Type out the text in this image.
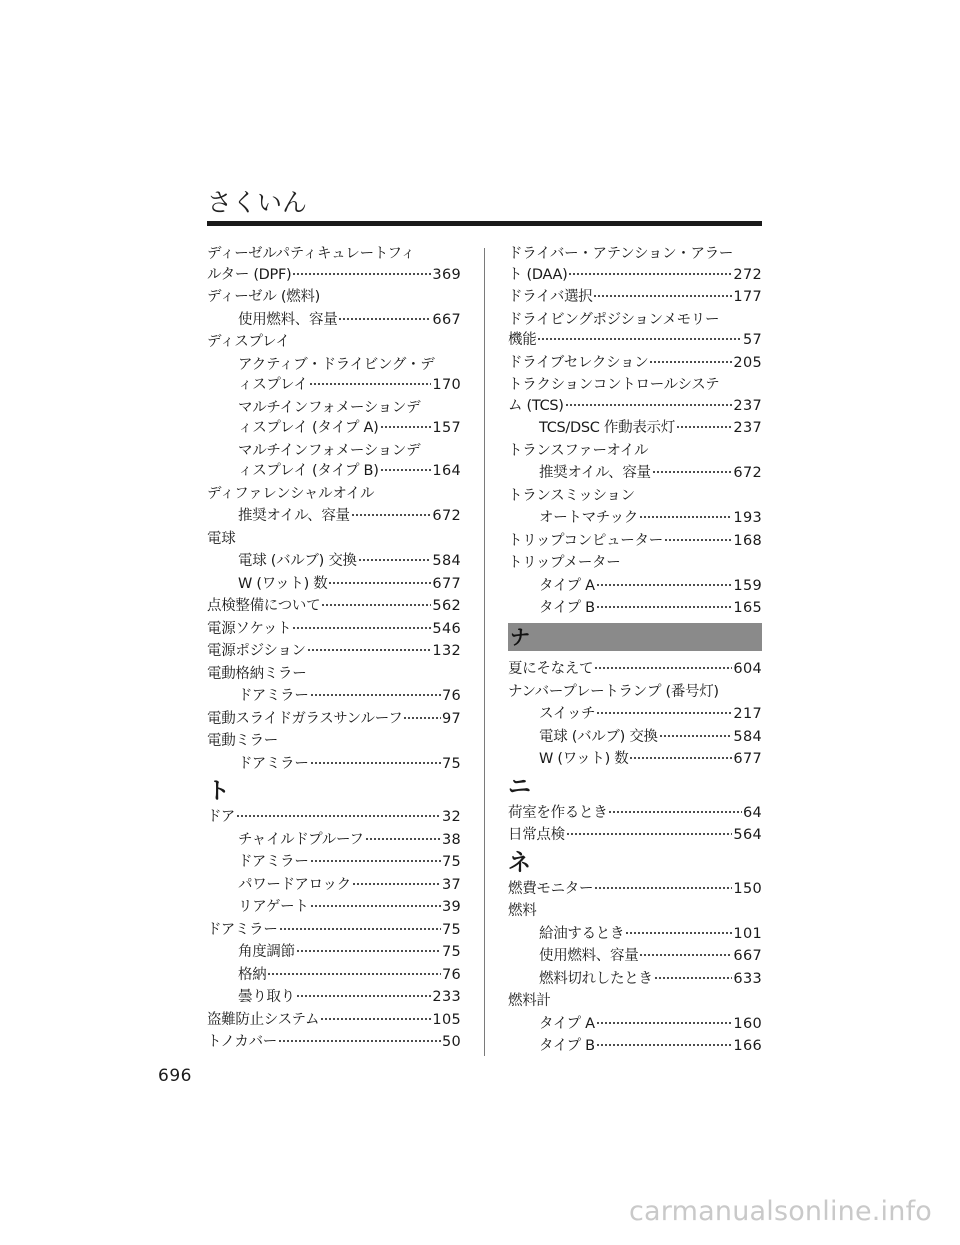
さくいん
ディーゼルパティキュレートフィ
ルター (DPF)	369
ディーゼル (燃料)
使用燃料、容量	667
ディスプレイ
アクティブ・ドライビング・デ
ィスプレイ	170
マルチインフォメーションデ
ィスプレイ (タイプ A)	157
マルチインフォメーションデ
ィスプレイ (タイプ B)	164
ディファレンシャルオイル
推奨オイル、容量	672
電球
電球 (バルブ) 交換	584
W (ワット) 数	677
点検整備について	562
電源ソケット	546
電源ポジション	132
電動格納ミラー
ドアミラー	76
電動スライドガラスサンルーフ	97
電動ミラー
ドアミラー	75
ト
ドア	32
チャイルドプルーフ	38
ドアミラー	75
パワードアロック	37
リアゲート	39
ドアミラー	75
角度調節	75
格納	76
曇り取り	233
盗難防止システム	105
トノカバー	50
ドライバー・アテンション・アラー
ト (DAA)	272
ドライバ選択	177
ドライビングポジションメモリー
機能	57
ドライブセレクション	205
トラクションコントロールシステ
ム (TCS)	237
TCS/DSC 作動表示灯	237
トランスファーオイル
推奨オイル、容量	672
トランスミッション
オートマチック	193
トリップコンピューター	168
トリップメーター
タイプ A	159
タイプ B	165
ナ
夏にそなえて	604
ナンバープレートランプ (番号灯)
スイッチ	217
電球 (バルブ) 交換	584
W (ワット) 数	677
ニ
荷室を作るとき	64
日常点検	564
ネ
燃費モニター	150
燃料
給油するとき	101
使用燃料、容量	667
燃料切れしたとき	633
燃料計
タイプ A	160
タイプ B	166
696
carmanualsonline.info
